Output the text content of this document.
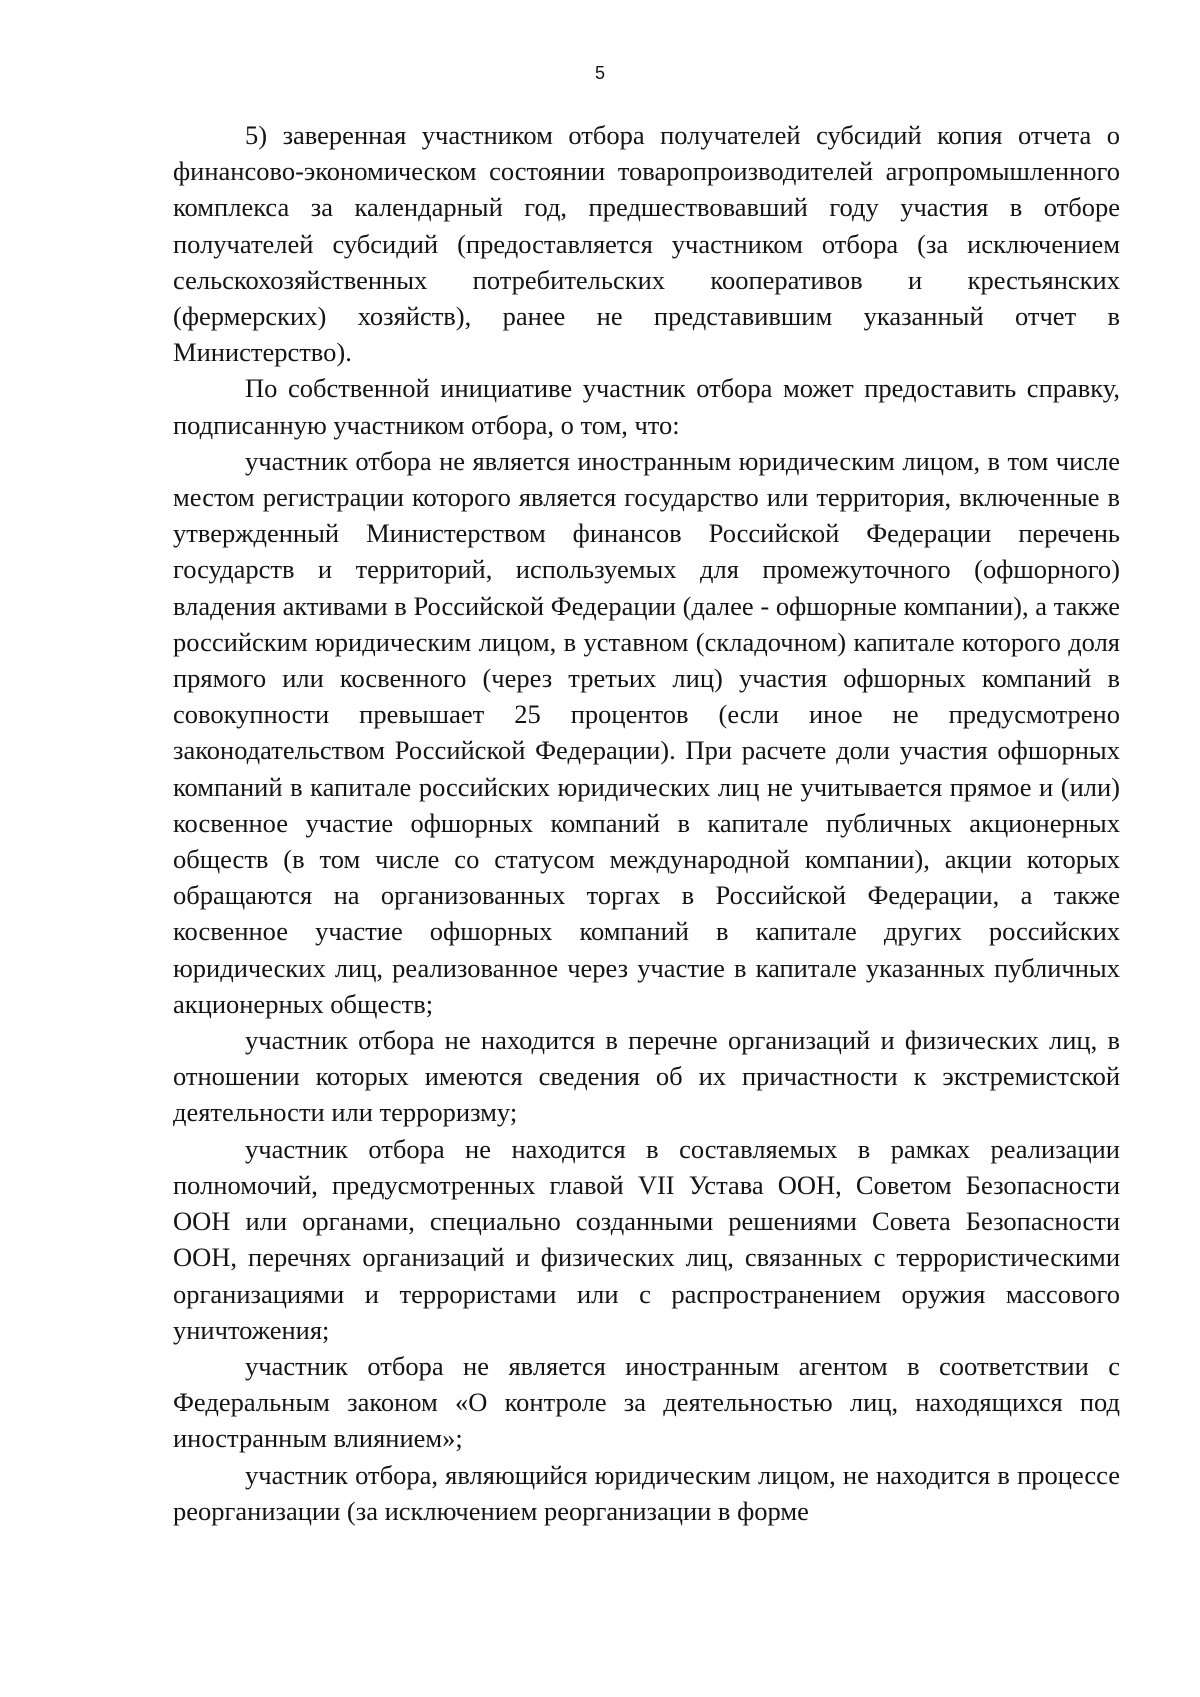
5

5) заверенная участником отбора получателей субсидий копия отчета о финансово-экономическом состоянии товаропроизводителей агропромышленного комплекса за календарный год, предшествовавший году участия в отборе получателей субсидий (предоставляется участником отбора (за исключением сельскохозяйственных потребительских кооперативов и крестьянских (фермерских) хозяйств), ранее не представившим указанный отчет в Министерство).

По собственной инициативе участник отбора может предоставить справку, подписанную участником отбора, о том, что:

участник отбора не является иностранным юридическим лицом, в том числе местом регистрации которого является государство или территория, включенные в утвержденный Министерством финансов Российской Федерации перечень государств и территорий, используемых для промежуточного (офшорного) владения активами в Российской Федерации (далее - офшорные компании), а также российским юридическим лицом, в уставном (складочном) капитале которого доля прямого или косвенного (через третьих лиц) участия офшорных компаний в совокупности превышает 25 процентов (если иное не предусмотрено законодательством Российской Федерации). При расчете доли участия офшорных компаний в капитале российских юридических лиц не учитывается прямое и (или) косвенное участие офшорных компаний в капитале публичных акционерных обществ (в том числе со статусом международной компании), акции которых обращаются на организованных торгах в Российской Федерации, а также косвенное участие офшорных компаний в капитале других российских юридических лиц, реализованное через участие в капитале указанных публичных акционерных обществ;

участник отбора не находится в перечне организаций и физических лиц, в отношении которых имеются сведения об их причастности к экстремистской деятельности или терроризму;

участник отбора не находится в составляемых в рамках реализации полномочий, предусмотренных главой VII Устава ООН, Советом Безопасности ООН или органами, специально созданными решениями Совета Безопасности ООН, перечнях организаций и физических лиц, связанных с террористическими организациями и террористами или с распространением оружия массового уничтожения;

участник отбора не является иностранным агентом в соответствии с Федеральным законом «О контроле за деятельностью лиц, находящихся под иностранным влиянием»;

участник отбора, являющийся юридическим лицом, не находится в процессе реорганизации (за исключением реорганизации в форме
